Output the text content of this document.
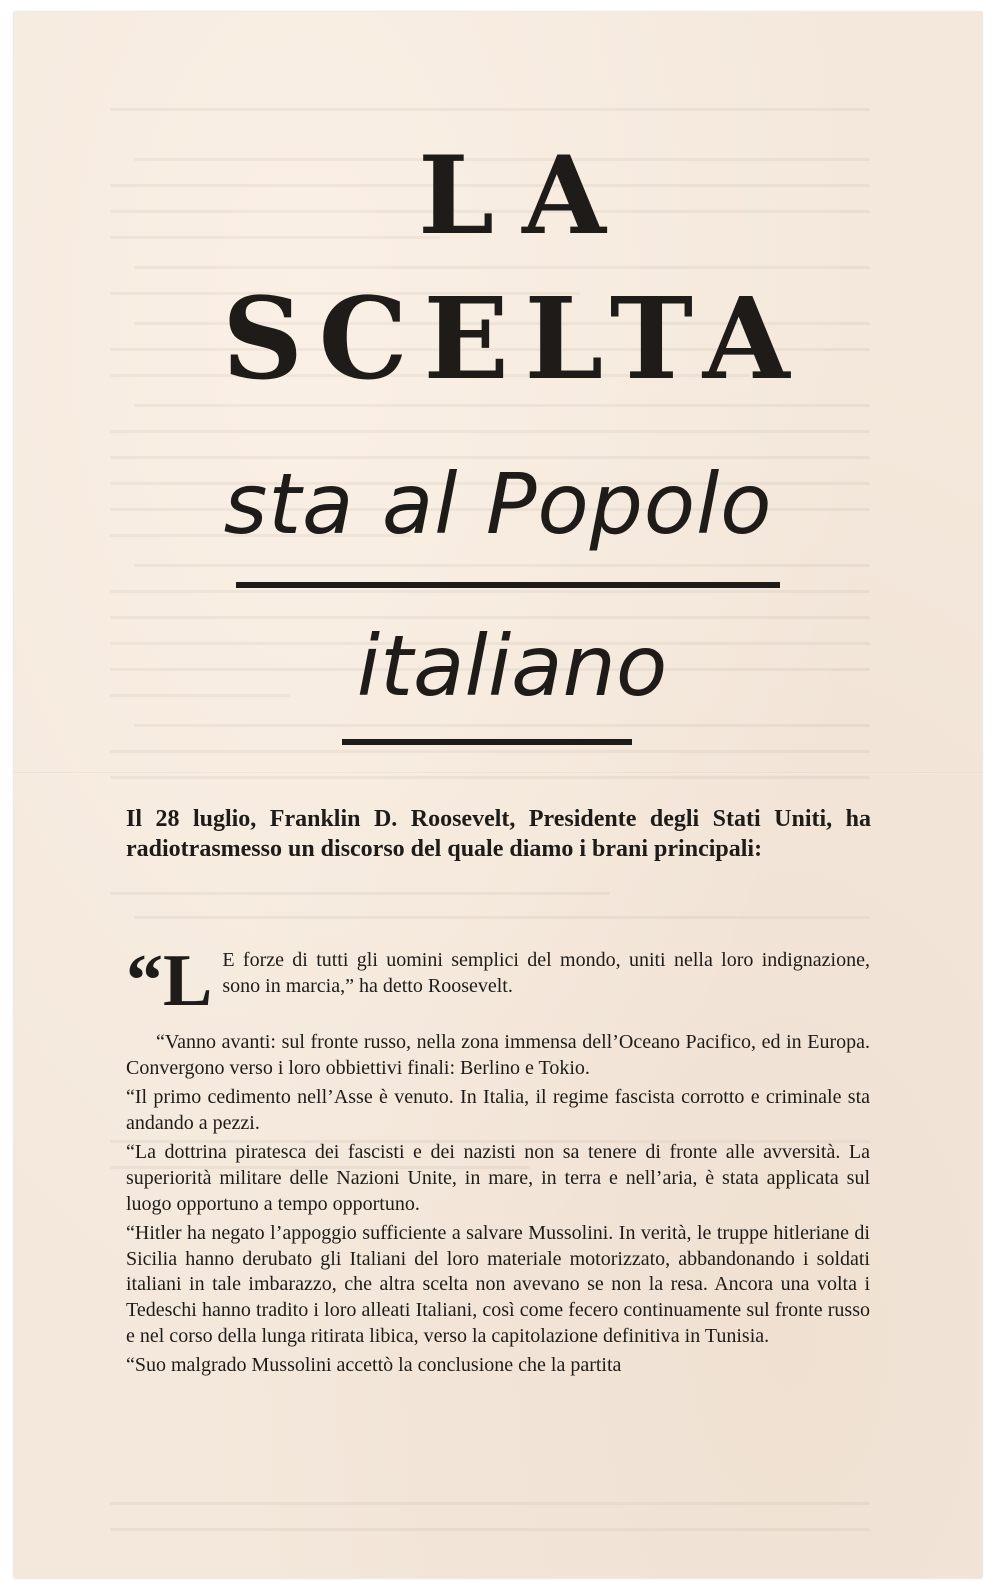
LA
SCELTA
sta al Popolo
italiano
Il 28 luglio, Franklin D. Roosevelt, Presidente degli Stati Uniti, ha radiotrasmesso un discorso del quale diamo i brani principali:

“L E forze di tutti gli uomini semplici del mondo, uniti nella loro indignazione, sono in marcia,” ha detto Roosevelt.

“Vanno avanti: sul fronte russo, nella zona immensa dell’Oceano Pacifico, ed in Europa. Convergono verso i loro obbiettivi finali: Berlino e Tokio.

“Il primo cedimento nell’Asse è venuto. In Italia, il regime fascista corrotto e criminale sta andando a pezzi.

“La dottrina piratesca dei fascisti e dei nazisti non sa tenere di fronte alle avversità. La superiorità militare delle Nazioni Unite, in mare, in terra e nell’aria, è stata applicata sul luogo opportuno a tempo opportuno.

“Hitler ha negato l’appoggio sufficiente a salvare Mussolini. In verità, le truppe hitleriane di Sicilia hanno derubato gli Italiani del loro materiale motorizzato, abbandonando i soldati italiani in tale imbarazzo, che altra scelta non avevano se non la resa. Ancora una volta i Tedeschi hanno tradito i loro alleati Italiani, così come fecero continuamente sul fronte russo e nel corso della lunga ritirata libica, verso la capitolazione definitiva in Tunisia.

“Suo malgrado Mussolini accettò la conclusione che la partita
